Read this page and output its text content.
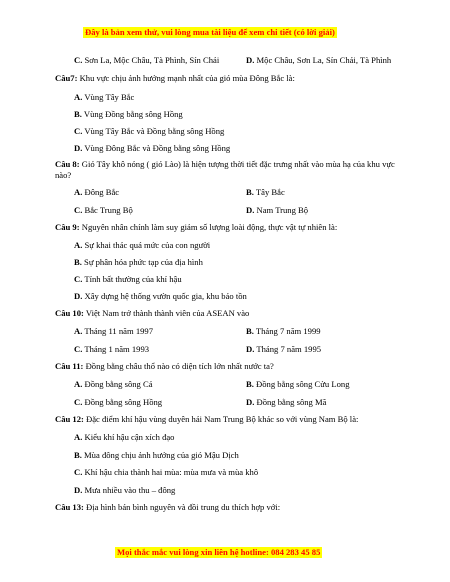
Đây là bản xem thử, vui lòng mua tài liệu để xem chi tiết (có lời giải)
C. Sơn La, Mộc Châu, Tà Phình, Sín Chải	D. Mộc Châu, Sơn La, Sín Chải, Tà Phình
Câu7: Khu vực chịu ảnh hưởng mạnh nhất của gió mùa Đông Bắc là:
A. Vùng Tây Bắc
B. Vùng Đồng bằng sông Hồng
C. Vùng Tây Bắc và Đồng bằng sông Hồng
D. Vùng Đông Bắc và Đồng bằng sông Hồng
Câu 8: Gió Tây khô nóng ( gió Lào) là hiện tượng thời tiết đặc trưng nhất vào mùa hạ của khu vực nào?
A. Đông Bắc	B. Tây Bắc
C. Bắc Trung Bộ	D. Nam Trung Bộ
Câu 9: Nguyên nhân chính làm suy giảm số lượng loài động, thực vật tự nhiên là:
A. Sự khai thác quá mức của con người
B. Sự phân hóa phức tạp của địa hình
C. Tính bất thường của khí hậu
D. Xây dựng hệ thống vườn quốc gia, khu bảo tồn
Câu 10: Việt Nam trở thành thành viên của ASEAN vào
A. Tháng 11 năm 1997	B. Tháng 7 năm 1999
C. Tháng 1 năm 1993	D. Tháng 7 năm 1995
Câu 11: Đồng bằng châu thổ nào có diện tích lớn nhất nước ta?
A. Đồng bằng sông Cả	B. Đồng bằng sông Cửu Long
C. Đồng bằng sông Hồng	D. Đồng bằng sông Mã
Câu 12: Đặc điểm khí hậu vùng duyên hải Nam Trung Bộ khác so với vùng Nam Bộ là:
A. Kiểu khí hậu cận xích đạo
B. Mùa đông chịu ảnh hưởng của gió Mậu Dịch
C. Khí hậu chia thành hai mùa: mùa mưa và mùa khô
D. Mưa nhiều vào thu – đông
Câu 13: Địa hình bán bình nguyên và đồi trung du thích hợp với:
Mọi thắc mắc vui lòng xin liên hệ hotline: 084 283 45 85
